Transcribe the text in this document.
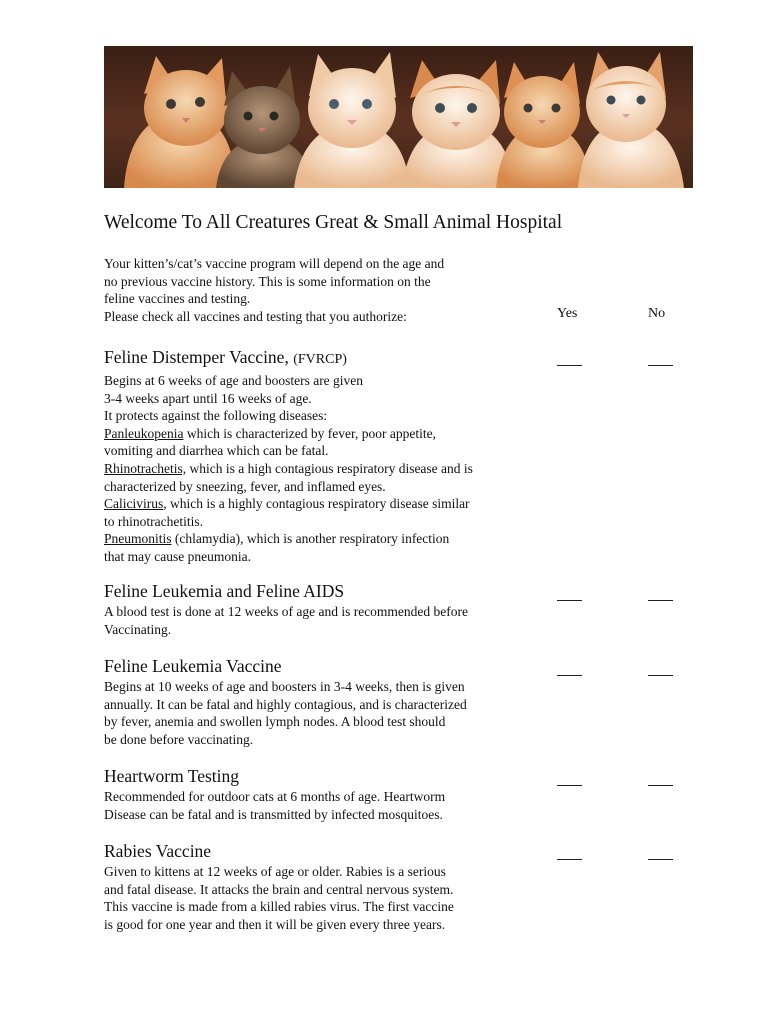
Welcome To All Creatures Great & Small Animal Hospital
Your kitten’s/cat’s vaccine program will depend on the age and
no previous vaccine history. This is some information on the
feline vaccines and testing.
Please check all vaccines and testing that you authorize:	Yes	No
Feline Distemper Vaccine, (FVRCP)
Begins at 6 weeks of age and boosters are given
3-4 weeks apart until 16 weeks of age.
It protects against the following diseases:
Panleukopenia which is characterized by fever, poor appetite,
vomiting and diarrhea which can be fatal.
Rhinotrachetis, which is a high contagious respiratory disease and is
characterized by sneezing, fever, and inflamed eyes.
Calicivirus, which is a highly contagious respiratory disease similar
to rhinotrachetitis.
Pneumonitis (chlamydia), which is another respiratory infection
that may cause pneumonia.
Feline Leukemia and Feline AIDS
A blood test is done at 12 weeks of age and is recommended before
Vaccinating.
Feline Leukemia Vaccine
Begins at 10 weeks of age and boosters in 3-4 weeks, then is given
annually. It can be fatal and highly contagious, and is characterized
by fever, anemia and swollen lymph nodes. A blood test should
be done before vaccinating.
Heartworm Testing
Recommended for outdoor cats at 6 months of age. Heartworm
Disease can be fatal and is transmitted by infected mosquitoes.
Rabies Vaccine
Given to kittens at 12 weeks of age or older. Rabies is a serious
and fatal disease. It attacks the brain and central nervous system.
This vaccine is made from a killed rabies virus. The first vaccine
is good for one year and then it will be given every three years.
